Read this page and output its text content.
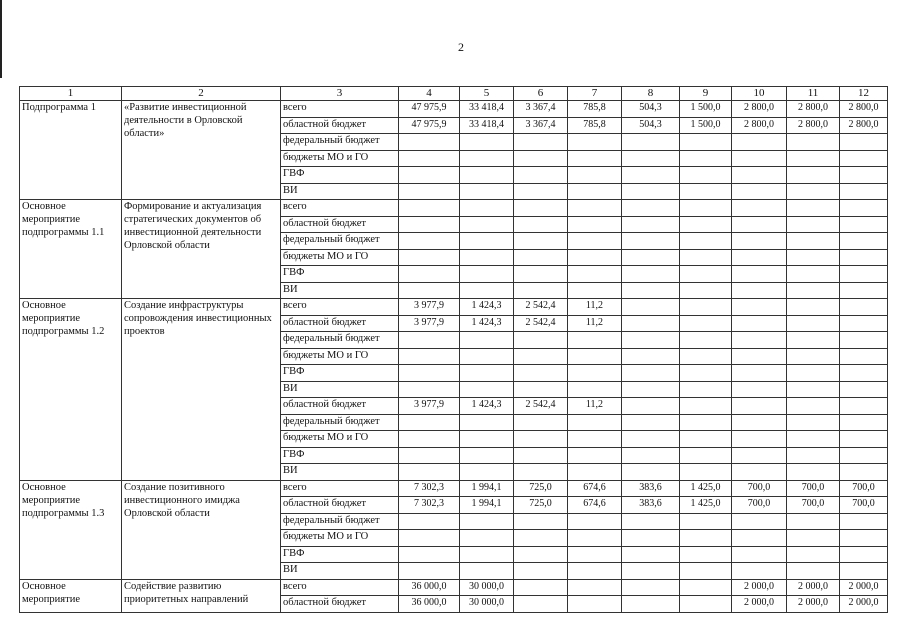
2
1	2	3	4	5	6	7	8	9	10	11	12
Подпрограмма 1	«Развитие инвестиционной деятельности в Орловской области»	всего	47 975,9	33 418,4	3 367,4	785,8	504,3	1 500,0	2 800,0	2 800,0	2 800,0
		областной бюджет	47 975,9	33 418,4	3 367,4	785,8	504,3	1 500,0	2 800,0	2 800,0	2 800,0
		федеральный бюджет									
		бюджеты МО и ГО									
		ГВФ									
		ВИ									
Основное мероприятие подпрограммы 1.1	Формирование и актуализация стратегических документов об инвестиционной деятельности Орловской области	всего									
		областной бюджет									
		федеральный бюджет									
		бюджеты МО и ГО									
		ГВФ									
		ВИ									
Основное мероприятие подпрограммы 1.2	Создание инфраструктуры сопровождения инвестиционных проектов	всего	3 977,9	1 424,3	2 542,4	11,2					
		областной бюджет	3 977,9	1 424,3	2 542,4	11,2					
		федеральный бюджет									
		бюджеты МО и ГО									
		ГВФ									
		ВИ									
		областной бюджет	3 977,9	1 424,3	2 542,4	11,2					
		федеральный бюджет									
		бюджеты МО и ГО									
		ГВФ									
		ВИ									
Основное мероприятие подпрограммы 1.3	Создание позитивного инвестиционного имиджа Орловской области	всего	7 302,3	1 994,1	725,0	674,6	383,6	1 425,0	700,0	700,0	700,0
		областной бюджет	7 302,3	1 994,1	725,0	674,6	383,6	1 425,0	700,0	700,0	700,0
		федеральный бюджет									
		бюджеты МО и ГО									
		ГВФ									
		ВИ									
Основное мероприятие	Содействие развитию приоритетных направлений	всего	36 000,0	30 000,0					2 000,0	2 000,0	2 000,0
		областной бюджет	36 000,0	30 000,0					2 000,0	2 000,0	2 000,0
